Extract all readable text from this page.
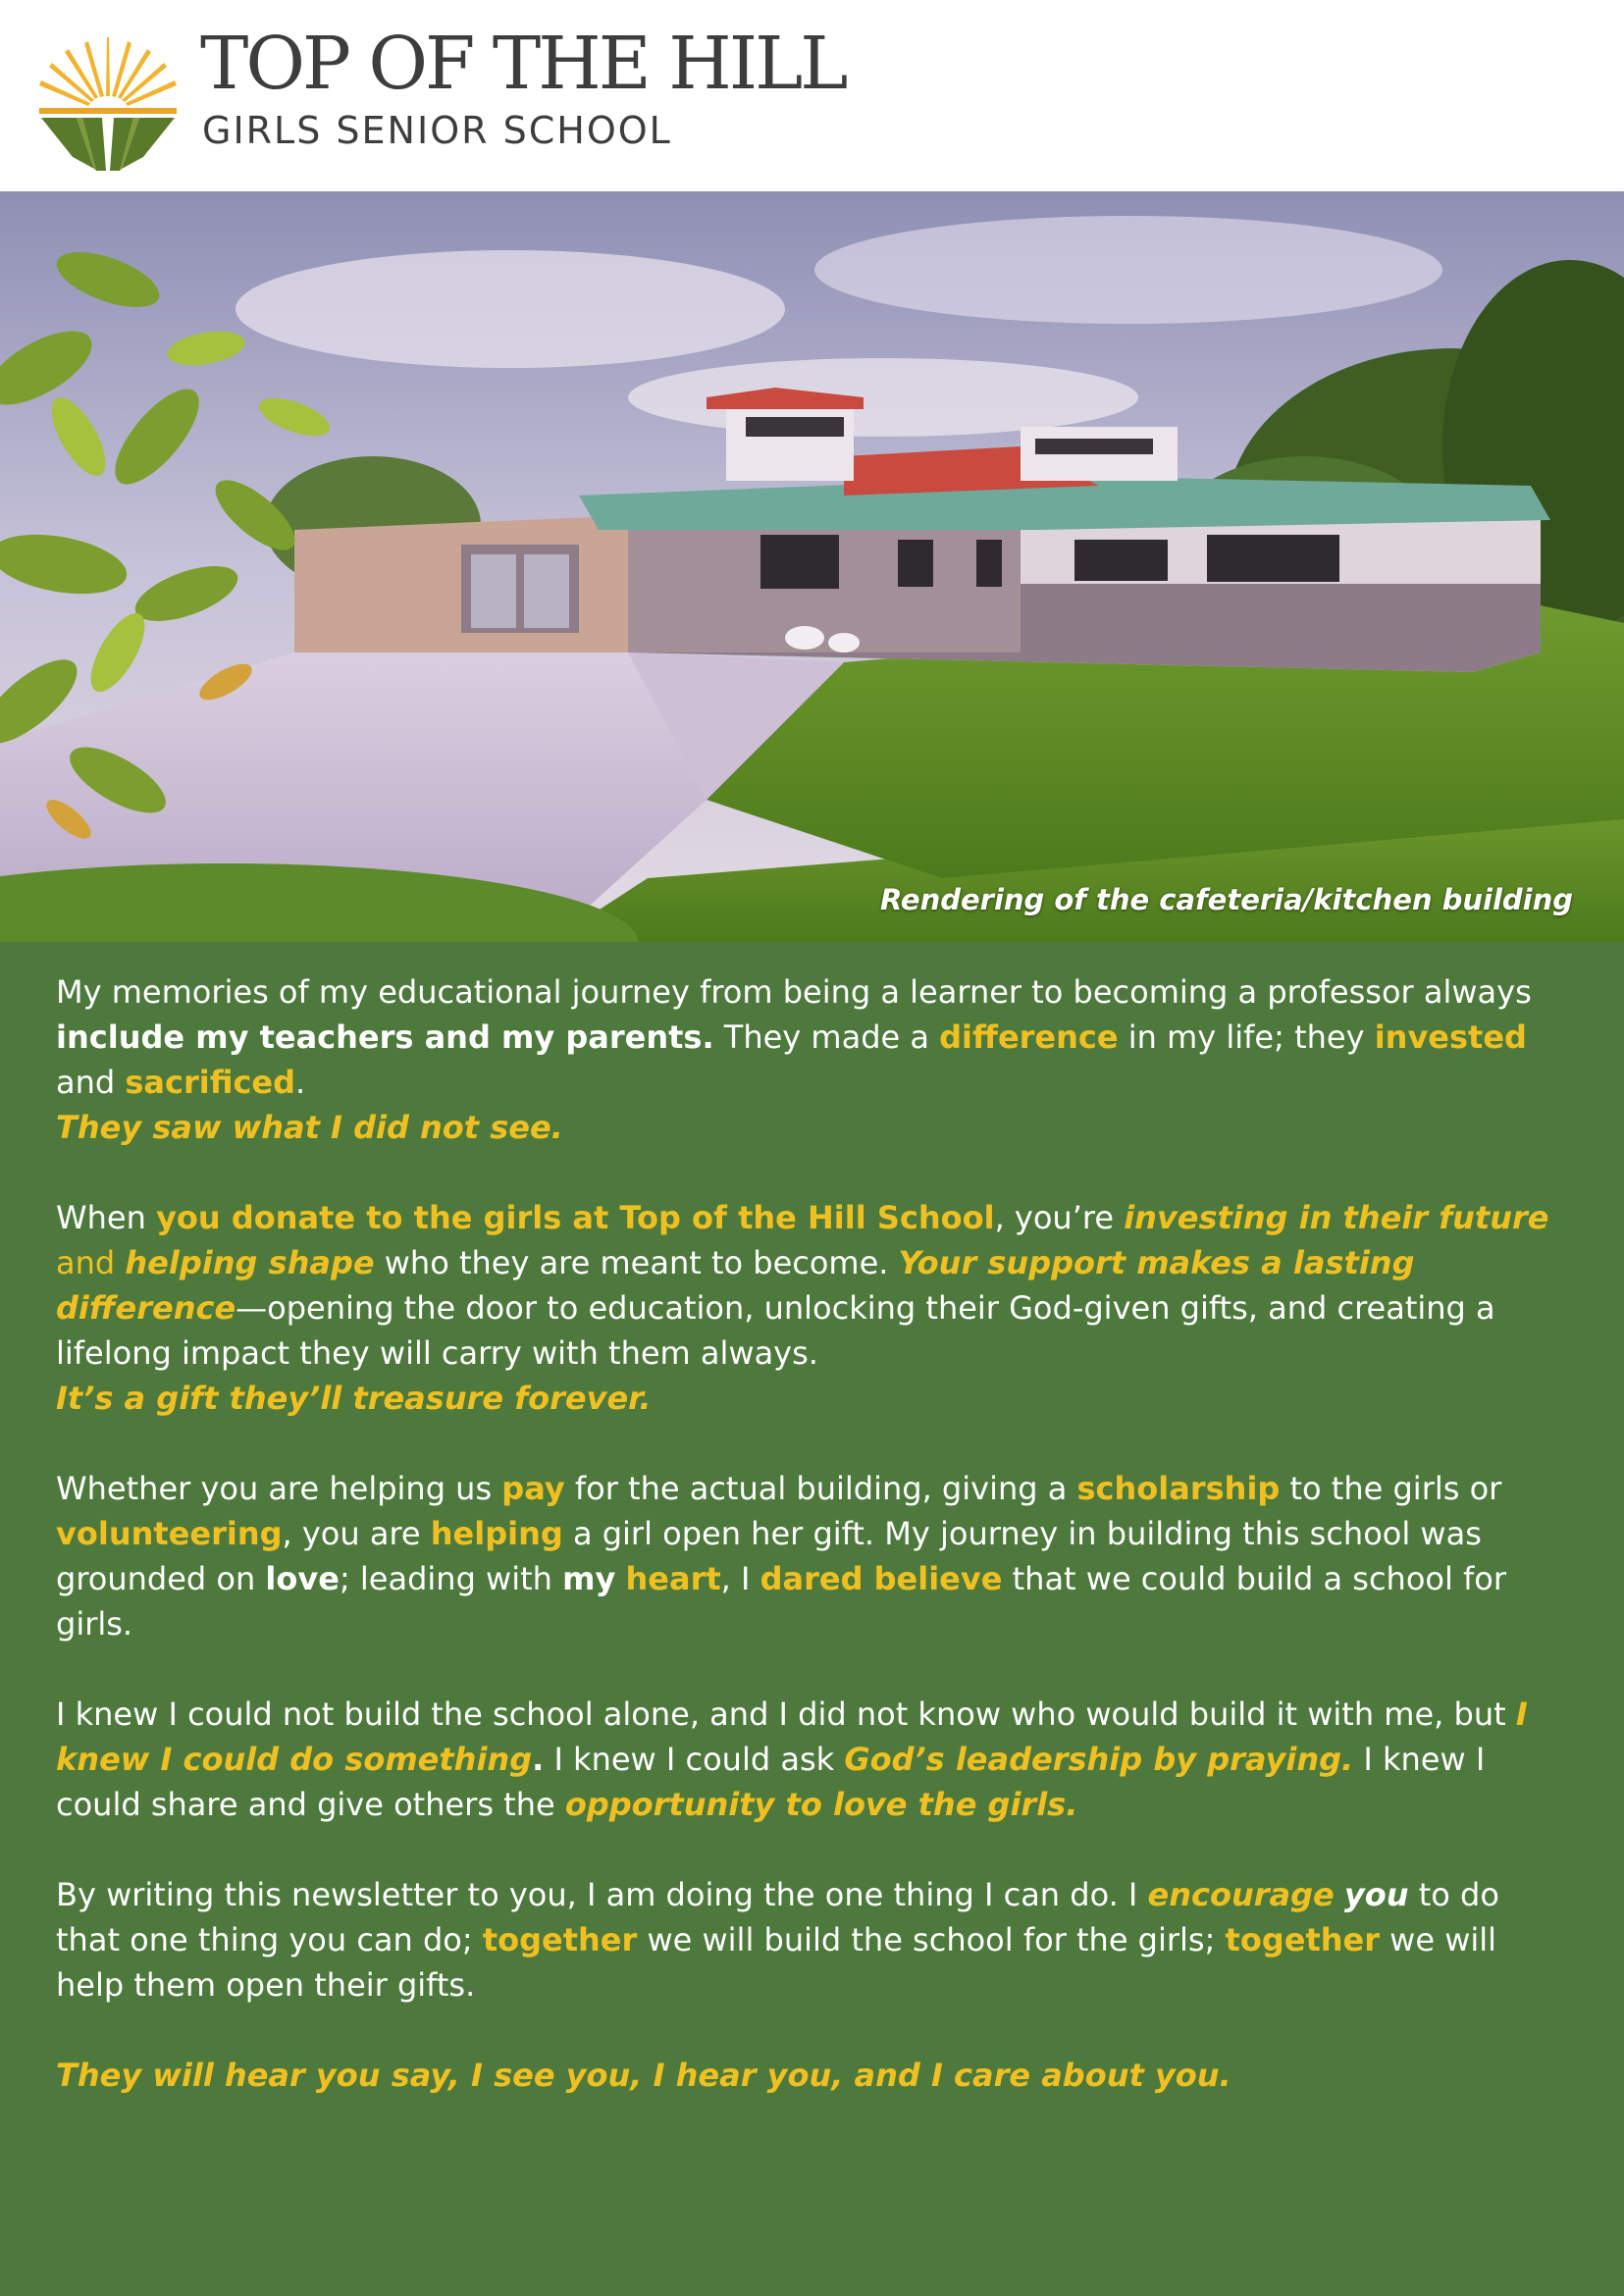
TOP OF THE HILL
GIRLS SENIOR SCHOOL
Rendering of the cafeteria/kitchen building

My memories of my educational journey from being a learner to becoming a professor always include my teachers and my parents. They made a difference in my life; they invested and sacrificed.
They saw what I did not see.

When you donate to the girls at Top of the Hill School, you’re investing in their future
and helping shape who they are meant to become. Your support makes a lasting difference—opening the door to education, unlocking their God-given gifts, and creating a lifelong impact they will carry with them always.
It’s a gift they’ll treasure forever.

Whether you are helping us pay for the actual building, giving a scholarship to the girls or volunteering, you are helping a girl open her gift. My journey in building this school was grounded on love; leading with my heart, I dared believe that we could build a school for girls.

I knew I could not build the school alone, and I did not know who would build it with me, but I knew I could do something. I knew I could ask God’s leadership by praying. I knew I could share and give others the opportunity to love the girls.

By writing this newsletter to you, I am doing the one thing I can do. I encourage you to do that one thing you can do; together we will build the school for the girls; together we will help them open their gifts.

They will hear you say, I see you, I hear you, and I care about you.
